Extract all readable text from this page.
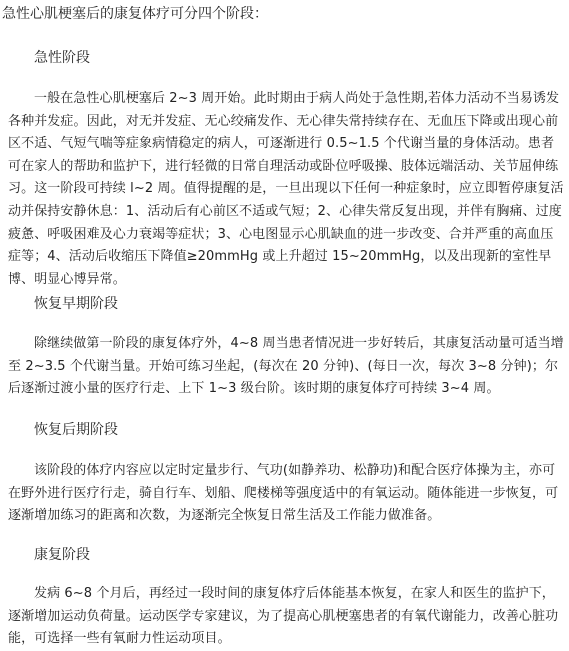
急性心肌梗塞后的康复体疗可分四个阶段：
急性阶段
一般在急性心肌梗塞后 2~3 周开始。此时期由于病人尚处于急性期,若体力活动不当易诱发各种并发症。因此，对无并发症、无心绞痛发作、无心律失常持续存在、无血压下降或出现心前区不适、气短气喘等症象病情稳定的病人，可逐渐进行 0.5~1.5 个代谢当量的身体活动。患者可在家人的帮助和监护下，进行轻微的日常自理活动或卧位呼吸操、肢体远端活动、关节屈伸练习。这一阶段可持续 l~2 周。值得提醒的是，一旦出现以下任何一种症象时，应立即暂停康复活动并保持安静休息：1、活动后有心前区不适或气短；2、心律失常反复出现，并伴有胸痛、过度疲惫、呼吸困难及心力衰竭等症状；3、心电图显示心肌缺血的进一步改变、合并严重的高血压症等；4、活动后收缩压下降值≥20mmHg 或上升超过 15~20mmHg，以及出现新的室性早博、明显心博异常。
恢复早期阶段
除继续做第一阶段的康复体疗外，4~8 周当患者情况进一步好转后，其康复活动量可适当增至 2~3.5 个代谢当量。开始可练习坐起，(每次在 20 分钟)、(每日一次，每次 3~8 分钟)；尔后逐渐过渡小量的医疗行走、上下 1~3 级台阶。该时期的康复体疗可持续 3~4 周。
恢复后期阶段
该阶段的体疗内容应以定时定量步行、气功(如静养功、松静功)和配合医疗体操为主，亦可在野外进行医疗行走，骑自行车、划船、爬楼梯等强度适中的有氧运动。随体能进一步恢复，可逐渐增加练习的距离和次数，为逐渐完全恢复日常生活及工作能力做准备。
康复阶段
发病 6~8 个月后，再经过一段时间的康复体疗后体能基本恢复，在家人和医生的监护下，逐渐增加运动负荷量。运动医学专家建议，为了提高心肌梗塞患者的有氧代谢能力，改善心脏功能，可选择一些有氧耐力性运动项目。
